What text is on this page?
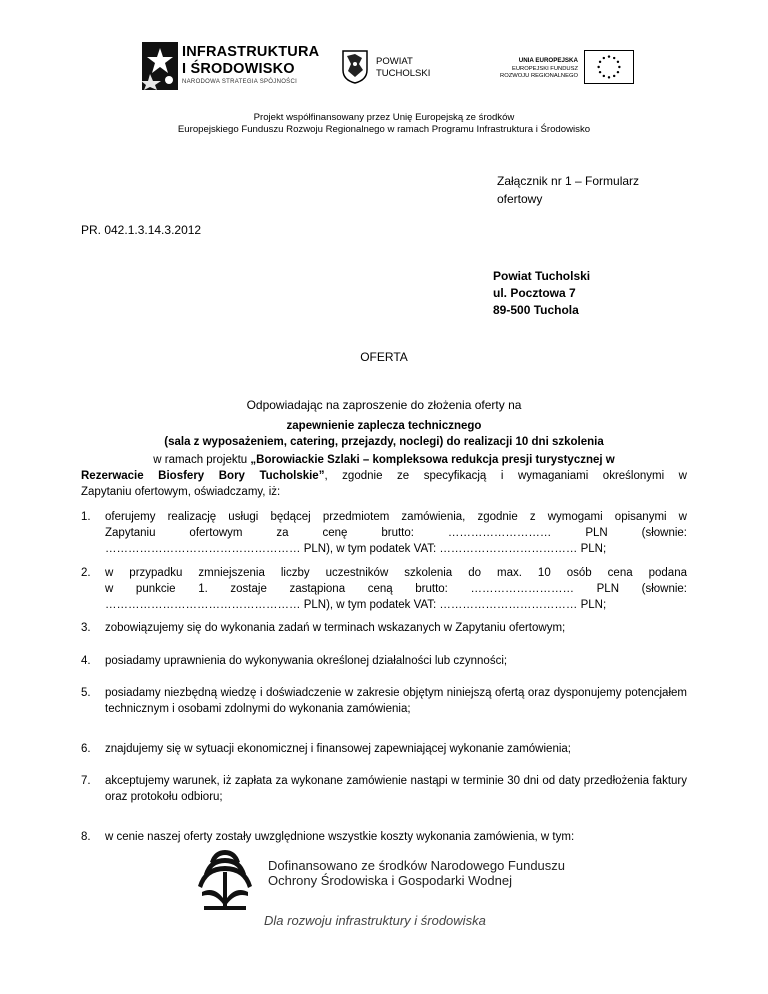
INFRASTRUKTURA
I ŚRODOWISKO
NARODOWA STRATEGIA SPÓJNOŚCI
POWIAT
TUCHOLSKI
UNIA EUROPEJSKA
EUROPEJSKI FUNDUSZ
ROZWOJU REGIONALNEGO
Projekt współfinansowany przez Unię Europejską ze środków
Europejskiego Funduszu Rozwoju Regionalnego w ramach Programu Infrastruktura i Środowisko
Załącznik nr 1 – Formularz ofertowy
PR. 042.1.3.14.3.2012
Powiat Tucholski
ul. Pocztowa 7
89-500 Tuchola
OFERTA
Odpowiadając na zaproszenie do złożenia oferty na
zapewnienie zaplecza technicznego
(sala z wyposażeniem, catering, przejazdy, noclegi) do realizacji 10 dni szkolenia
w ramach projektu „Borowiackie Szlaki – kompleksowa redukcja presji turystycznej w
Rezerwacie Biosfery Bory Tucholskie”, zgodnie ze specyfikacją i wymaganiami określonymi w
Zapytaniu ofertowym, oświadczamy, iż:
1. oferujemy realizację usługi będącej przedmiotem zamówienia, zgodnie z wymogami opisanymi w
Zapytaniu ofertowym za cenę brutto: ……………………… PLN (słownie:
…………………………………………… PLN), w tym podatek VAT: ……………………………… PLN;
2. w przypadku zmniejszenia liczby uczestników szkolenia do max. 10 osób cena podana
w punkcie 1. zostaje zastąpiona ceną brutto: ……………………… PLN (słownie:
…………………………………………… PLN), w tym podatek VAT: ……………………………… PLN;
3. zobowiązujemy się do wykonania zadań w terminach wskazanych w Zapytaniu ofertowym;
4. posiadamy uprawnienia do wykonywania określonej działalności lub czynności;
5. posiadamy niezbędną wiedzę i doświadczenie w zakresie objętym niniejszą ofertą oraz dysponujemy potencjałem technicznym i osobami zdolnymi do wykonania zamówienia;
6. znajdujemy się w sytuacji ekonomicznej i finansowej zapewniającej wykonanie zamówienia;
7. akceptujemy warunek, iż zapłata za wykonane zamówienie nastąpi w terminie 30 dni od daty przedłożenia faktury oraz protokołu odbioru;
8. w cenie naszej oferty zostały uwzględnione wszystkie koszty wykonania zamówienia, w tym:
Dofinansowano ze środków Narodowego Funduszu
Ochrony Środowiska i Gospodarki Wodnej
Dla rozwoju infrastruktury i środowiska
